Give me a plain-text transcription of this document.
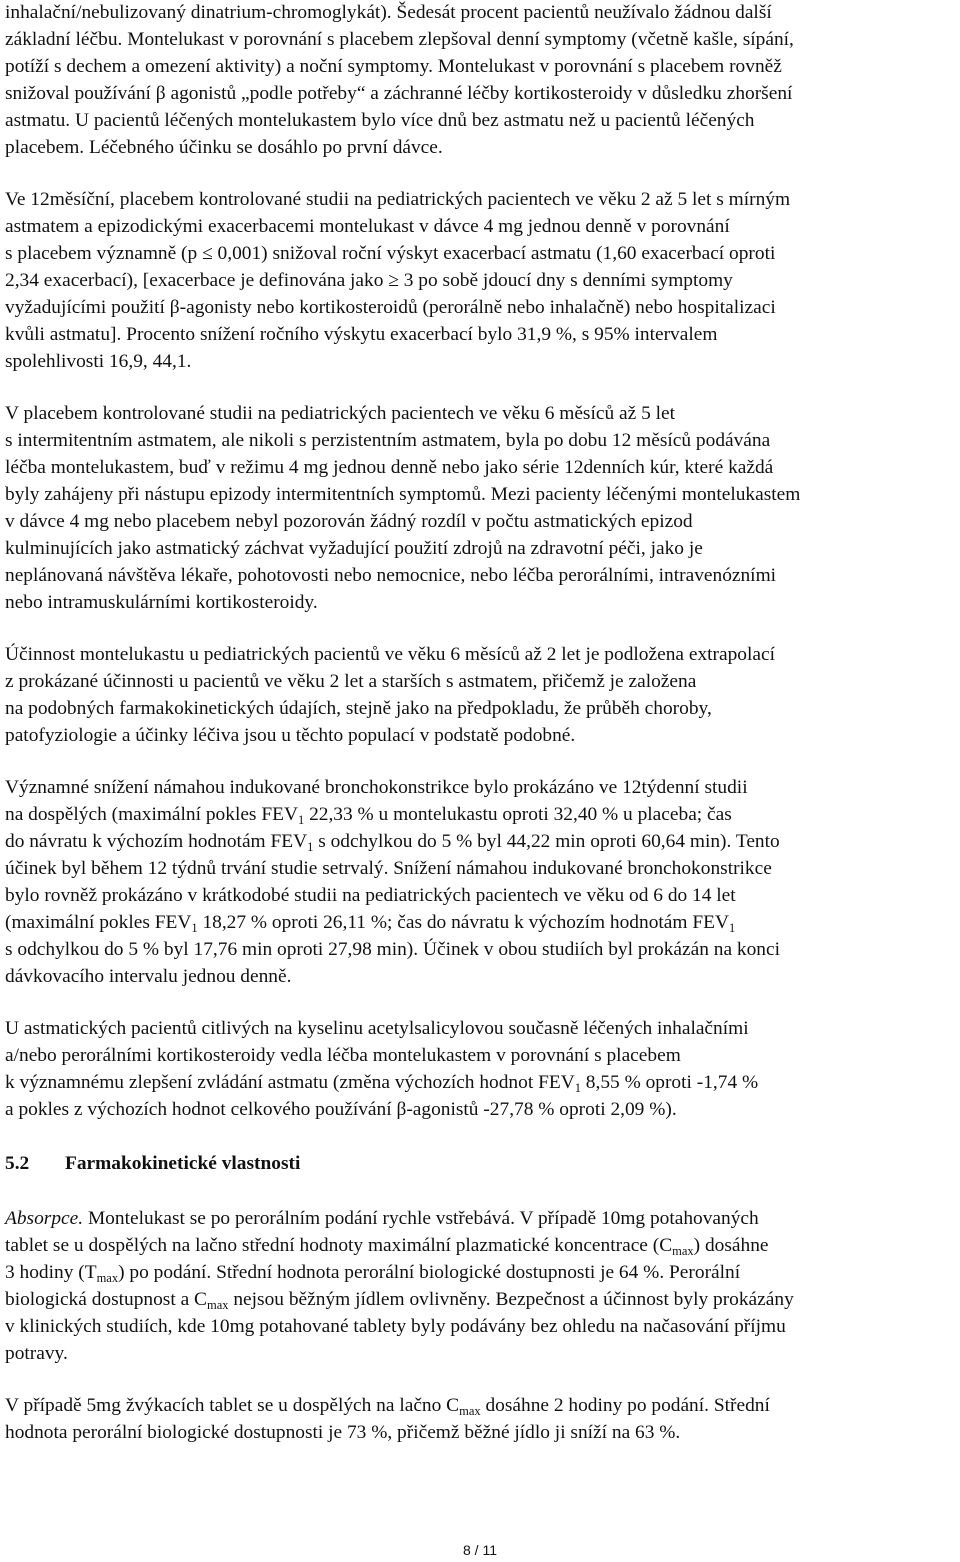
inhalační/nebulizovaný dinatrium-chromoglykát). Šedesát procent pacientů neužívalo žádnou další

základní léčbu. Montelukast v porovnání s placebem zlepšoval denní symptomy (včetně kašle, sípání,

potíží s dechem a omezení aktivity) a noční symptomy. Montelukast v porovnání s placebem rovněž

snižoval používání β agonistů „podle potřeby“ a záchranné léčby kortikosteroidy v důsledku zhoršení

astmatu. U pacientů léčených montelukastem bylo více dnů bez astmatu než u pacientů léčených

placebem. Léčebného účinku se dosáhlo po první dávce.

Ve 12měsíční, placebem kontrolované studii na pediatrických pacientech ve věku 2 až 5 let s mírným

astmatem a epizodickými exacerbacemi montelukast v dávce 4 mg jednou denně v porovnání

s placebem významně (p ≤ 0,001) snižoval roční výskyt exacerbací astmatu (1,60 exacerbací oproti

2,34 exacerbací), [exacerbace je definována jako ≥ 3 po sobě jdoucí dny s denními symptomy

vyžadujícími použití β-agonisty nebo kortikosteroidů (perorálně nebo inhalačně) nebo hospitalizaci

kvůli astmatu]. Procento snížení ročního výskytu exacerbací bylo 31,9 %, s 95% intervalem

spolehlivosti 16,9, 44,1.

V placebem kontrolované studii na pediatrických pacientech ve věku 6 měsíců až 5 let

s intermitentním astmatem, ale nikoli s perzistentním astmatem, byla po dobu 12 měsíců podávána

léčba montelukastem, buď v režimu 4 mg jednou denně nebo jako série 12denních kúr, které každá

byly zahájeny při nástupu epizody intermitentních symptomů. Mezi pacienty léčenými montelukastem

v dávce 4 mg nebo placebem nebyl pozorován žádný rozdíl v počtu astmatických epizod

kulminujících jako astmatický záchvat vyžadující použití zdrojů na zdravotní péči, jako je

neplánovaná návštěva lékaře, pohotovosti nebo nemocnice, nebo léčba perorálními, intravenózními

nebo intramuskulárními kortikosteroidy.

Účinnost montelukastu u pediatrických pacientů ve věku 6 měsíců až 2 let je podložena extrapolací

z prokázané účinnosti u pacientů ve věku 2 let a starších s astmatem, přičemž je založena

na podobných farmakokinetických údajích, stejně jako na předpokladu, že průběh choroby,

patofyziologie a účinky léčiva jsou u těchto populací v podstatě podobné.

Významné snížení námahou indukované bronchokonstrikce bylo prokázáno ve 12týdenní studii

na dospělých (maximální pokles $FEV_1$ 22,33 % u montelukastu oproti 32,40 % u placeba; čas

do návratu k výchozím hodnotám $FEV_1$ s odchylkou do 5 % byl 44,22 min oproti 60,64 min). Tento

účinek byl během 12 týdnů trvání studie setrvalý. Snížení námahou indukované bronchokonstrikce

bylo rovněž prokázáno v krátkodobé studii na pediatrických pacientech ve věku od 6 do 14 let

(maximální pokles $FEV_1$ 18,27 % oproti 26,11 %; čas do návratu k výchozím hodnotám $FEV_1$

s odchylkou do 5 % byl 17,76 min oproti 27,98 min). Účinek v obou studiích byl prokázán na konci

dávkovacího intervalu jednou denně.

U astmatických pacientů citlivých na kyselinu acetylsalicylovou současně léčených inhalačními

a/nebo perorálními kortikosteroidy vedla léčba montelukastem v porovnání s placebem

k významnému zlepšení zvládání astmatu (změna výchozích hodnot $FEV_1$ 8,55 % oproti -1,74 %

a pokles z výchozích hodnot celkového používání β-agonistů -27,78 % oproti 2,09 %).

5.2 Farmakokinetické vlastnosti

Absorpce. Montelukast se po perorálním podání rychle vstřebává. V případě 10mg potahovaných

tablet se u dospělých na lačno střední hodnoty maximální plazmatické koncentrace $(C_{max})$ dosáhne

3 hodiny $(T_{max})$ po podání. Střední hodnota perorální biologické dostupnosti je 64 %. Perorální

biologická dostupnost a $C_{max}$ nejsou běžným jídlem ovlivněny. Bezpečnost a účinnost byly prokázány

v klinických studiích, kde 10mg potahované tablety byly podávány bez ohledu na načasování příjmu

potravy.

V případě 5mg žvýkacích tablet se u dospělých na lačno $C_{max}$ dosáhne 2 hodiny po podání. Střední

hodnota perorální biologické dostupnosti je 73 %, přičemž běžné jídlo ji sníží na 63 %.

8 / 11
